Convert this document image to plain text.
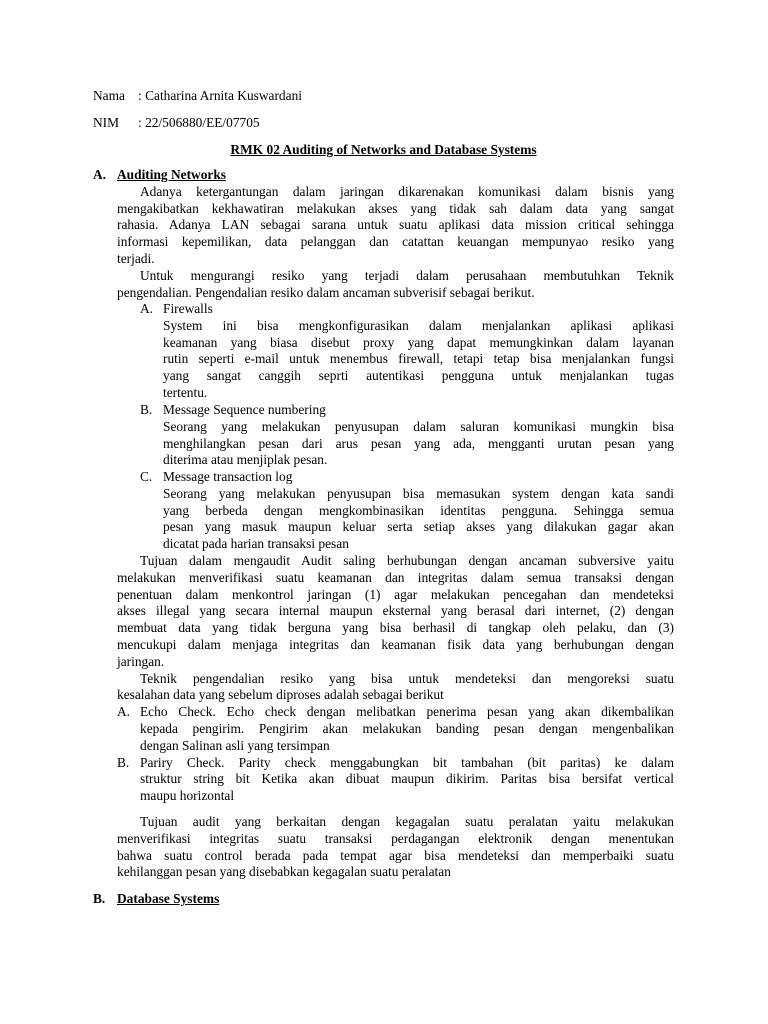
Nama : Catharina Arnita Kuswardani
NIM : 22/506880/EE/07705
RMK 02 Auditing of Networks and Database Systems
A. Auditing Networks
Adanya ketergantungan dalam jaringan dikarenakan komunikasi dalam bisnis yang
mengakibatkan kekhawatiran melakukan akses yang tidak sah dalam data yang sangat
rahasia. Adanya LAN sebagai sarana untuk suatu aplikasi data mission critical sehingga
informasi kepemilikan, data pelanggan dan catattan keuangan mempunyao resiko yang
terjadi.
Untuk mengurangi resiko yang terjadi dalam perusahaan membutuhkan Teknik
pengendalian. Pengendalian resiko dalam ancaman subverisif sebagai berikut.
A. Firewalls
System ini bisa mengkonfigurasikan dalam menjalankan aplikasi aplikasi
keamanan yang biasa disebut proxy yang dapat memungkinkan dalam layanan
rutin seperti e-mail untuk menembus firewall, tetapi tetap bisa menjalankan fungsi
yang sangat canggih seprti autentikasi pengguna untuk menjalankan tugas
tertentu.
B. Message Sequence numbering
Seorang yang melakukan penyusupan dalam saluran komunikasi mungkin bisa
menghilangkan pesan dari arus pesan yang ada, mengganti urutan pesan yang
diterima atau menjiplak pesan.
C. Message transaction log
Seorang yang melakukan penyusupan bisa memasukan system dengan kata sandi
yang berbeda dengan mengkombinasikan identitas pengguna. Sehingga semua
pesan yang masuk maupun keluar serta setiap akses yang dilakukan gagar akan
dicatat pada harian transaksi pesan
Tujuan dalam mengaudit Audit saling berhubungan dengan ancaman subversive yaitu
melakukan menverifikasi suatu keamanan dan integritas dalam semua transaksi dengan
penentuan dalam menkontrol jaringan (1) agar melakukan pencegahan dan mendeteksi
akses illegal yang secara internal maupun eksternal yang berasal dari internet, (2) dengan
membuat data yang tidak berguna yang bisa berhasil di tangkap oleh pelaku, dan (3)
mencukupi dalam menjaga integritas dan keamanan fisik data yang berhubungan dengan
jaringan.
Teknik pengendalian resiko yang bisa untuk mendeteksi dan mengoreksi suatu
kesalahan data yang sebelum diproses adalah sebagai berikut
A. Echo Check. Echo check dengan melibatkan penerima pesan yang akan dikembalikan
kepada pengirim. Pengirim akan melakukan banding pesan dengan mengenbalikan
dengan Salinan asli yang tersimpan
B. Pariry Check. Parity check menggabungkan bit tambahan (bit paritas) ke dalam
struktur string bit Ketika akan dibuat maupun dikirim. Paritas bisa bersifat vertical
maupu horizontal
Tujuan audit yang berkaitan dengan kegagalan suatu peralatan yaitu melakukan
menverifikasi integritas suatu transaksi perdagangan elektronik dengan menentukan
bahwa suatu control berada pada tempat agar bisa mendeteksi dan memperbaiki suatu
kehilanggan pesan yang disebabkan kegagalan suatu peralatan
B. Database Systems
